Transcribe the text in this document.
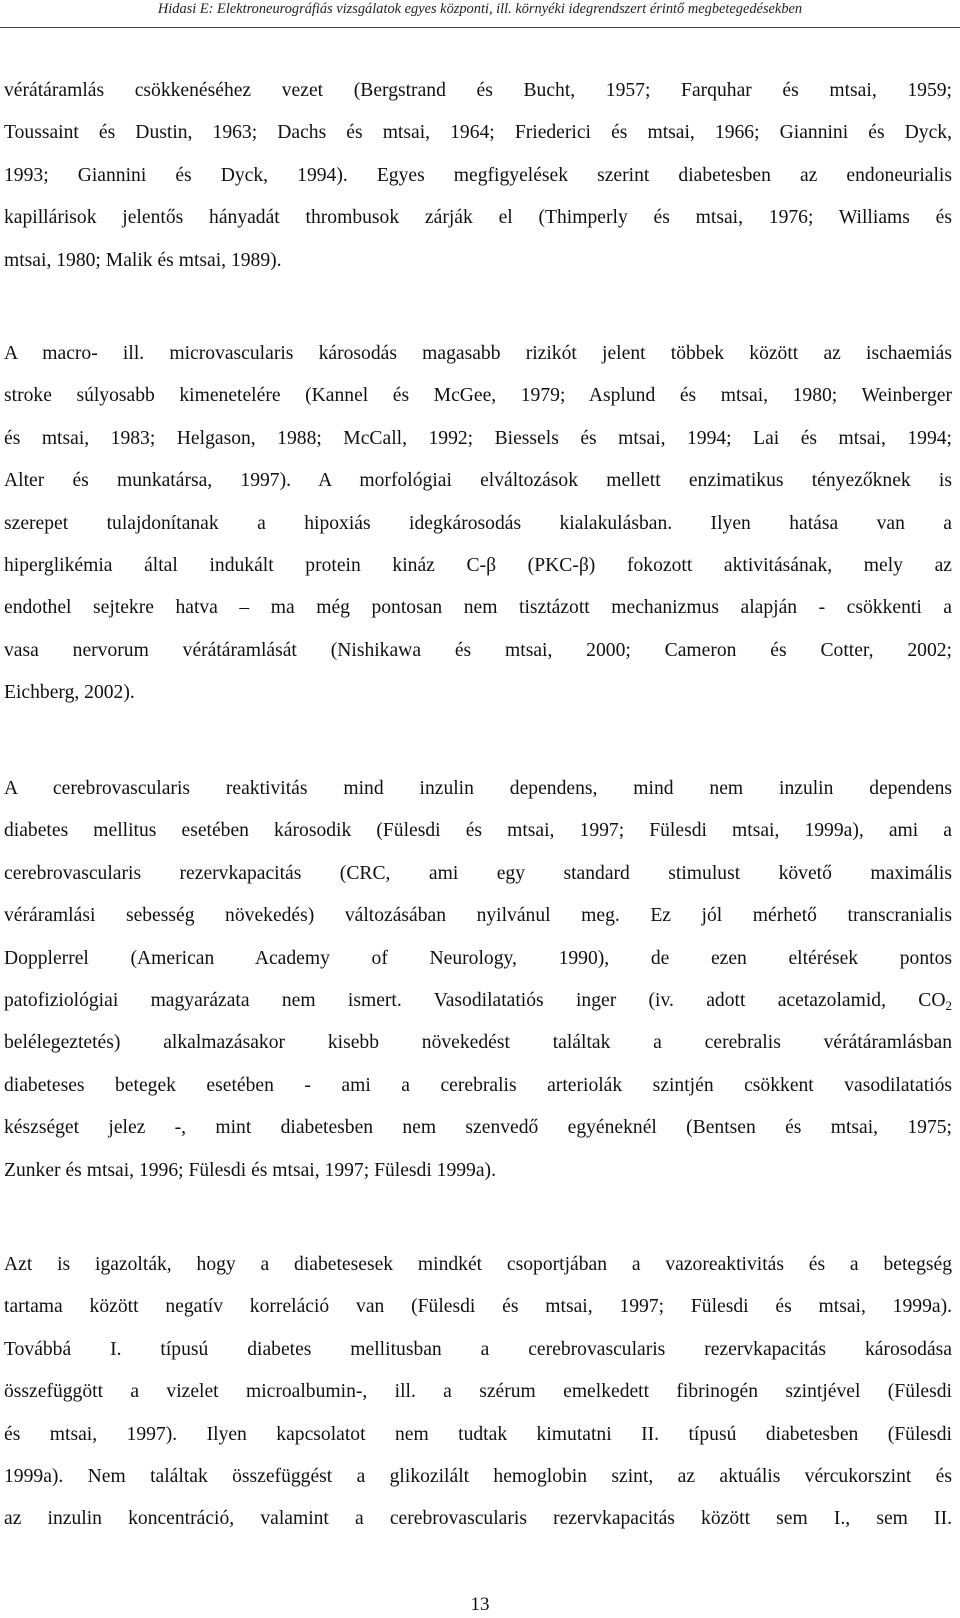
Hidasi E: Elektroneurográfiás vizsgálatok egyes központi, ill. környéki idegrendszert érintő megbetegedésekben
vérátáramlás csökkenéséhez vezet (Bergstrand és Bucht, 1957; Farquhar és mtsai, 1959;
Toussaint és Dustin, 1963; Dachs és mtsai, 1964; Friederici és mtsai, 1966; Giannini és Dyck,
1993; Giannini és Dyck, 1994). Egyes megfigyelések szerint diabetesben az endoneurialis
kapillárisok jelentős hányadát thrombusok zárják el (Thimperly és mtsai, 1976; Williams és
mtsai, 1980; Malik és mtsai, 1989).
A macro- ill. microvascularis károsodás magasabb rizikót jelent többek között az ischaemiás
stroke súlyosabb kimenetelére (Kannel és McGee, 1979; Asplund és mtsai, 1980; Weinberger
és mtsai, 1983; Helgason, 1988; McCall, 1992; Biessels és mtsai, 1994; Lai és mtsai, 1994;
Alter és munkatársa, 1997). A morfológiai elváltozások mellett enzimatikus tényezőknek is
szerepet tulajdonítanak a hipoxiás idegkárosodás kialakulásban. Ilyen hatása van a
hiperglikémia által indukált protein kináz C-β (PKC-β) fokozott aktivitásának, mely az
endothel sejtekre hatva – ma még pontosan nem tisztázott mechanizmus alapján - csökkenti a
vasa nervorum vérátáramlását (Nishikawa és mtsai, 2000; Cameron és Cotter, 2002;
Eichberg, 2002).
A cerebrovascularis reaktivitás mind inzulin dependens, mind nem inzulin dependens
diabetes mellitus esetében károsodik (Fülesdi és mtsai, 1997; Fülesdi mtsai, 1999a), ami a
cerebrovascularis rezervkapacitás (CRC, ami egy standard stimulust követő maximális
véráramlási sebesség növekedés) változásában nyilvánul meg. Ez jól mérhető transcranialis
Dopplerrel (American Academy of Neurology, 1990), de ezen eltérések pontos
patofiziológiai magyarázata nem ismert. Vasodilatatiós inger (iv. adott acetazolamid, $CO_2$
belélegeztetés) alkalmazásakor kisebb növekedést találtak a cerebralis vérátáramlásban
diabeteses betegek esetében - ami a cerebralis arteriolák szintjén csökkent vasodilatatiós
készséget jelez -, mint diabetesben nem szenvedő egyéneknél (Bentsen és mtsai, 1975;
Zunker és mtsai, 1996; Fülesdi és mtsai, 1997; Fülesdi 1999a).
Azt is igazolták, hogy a diabetesesek mindkét csoportjában a vazoreaktivitás és a betegség
tartama között negatív korreláció van (Fülesdi és mtsai, 1997; Fülesdi és mtsai, 1999a).
Továbbá I. típusú diabetes mellitusban a cerebrovascularis rezervkapacitás károsodása
összefüggött a vizelet microalbumin-, ill. a szérum emelkedett fibrinogén szintjével (Fülesdi
és mtsai, 1997). Ilyen kapcsolatot nem tudtak kimutatni II. típusú diabetesben (Fülesdi
1999a). Nem találtak összefüggést a glikozilált hemoglobin szint, az aktuális vércukorszint és
az inzulin koncentráció, valamint a cerebrovascularis rezervkapacitás között sem I., sem II.
13
